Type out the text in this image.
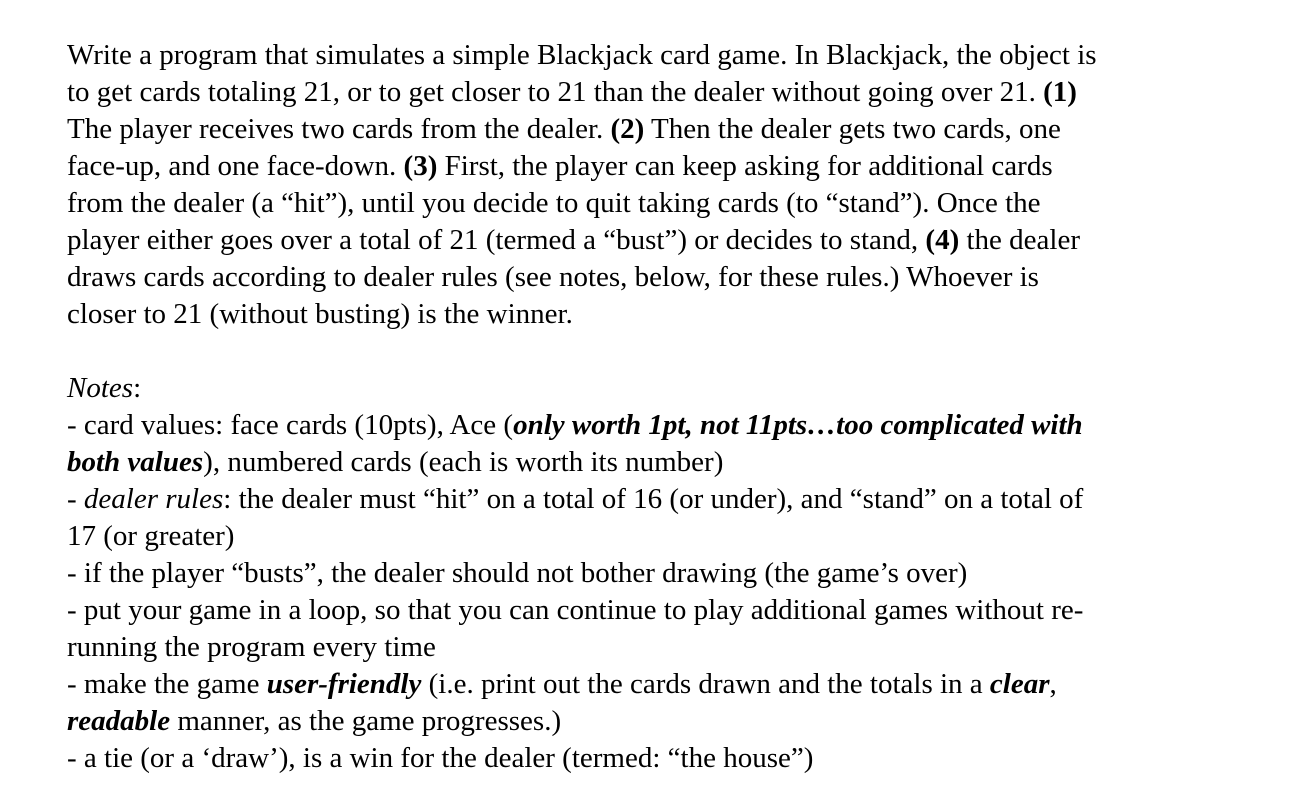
Write a program that simulates a simple Blackjack card game. In Blackjack, the object is
to get cards totaling 21, or to get closer to 21 than the dealer without going over 21. (1)
The player receives two cards from the dealer. (2) Then the dealer gets two cards, one
face-up, and one face-down. (3) First, the player can keep asking for additional cards
from the dealer (a “hit”), until you decide to quit taking cards (to “stand”). Once the
player either goes over a total of 21 (termed a “bust”) or decides to stand, (4) the dealer
draws cards according to dealer rules (see notes, below, for these rules.) Whoever is
closer to 21 (without busting) is the winner.
Notes:
- card values: face cards (10pts), Ace (only worth 1pt, not 11pts…too complicated with
both values), numbered cards (each is worth its number)
- dealer rules: the dealer must “hit” on a total of 16 (or under), and “stand” on a total of
17 (or greater)
- if the player “busts”, the dealer should not bother drawing (the game’s over)
- put your game in a loop, so that you can continue to play additional games without re-
running the program every time
- make the game user-friendly (i.e. print out the cards drawn and the totals in a clear,
readable manner, as the game progresses.)
- a tie (or a ‘draw’), is a win for the dealer (termed: “the house”)
